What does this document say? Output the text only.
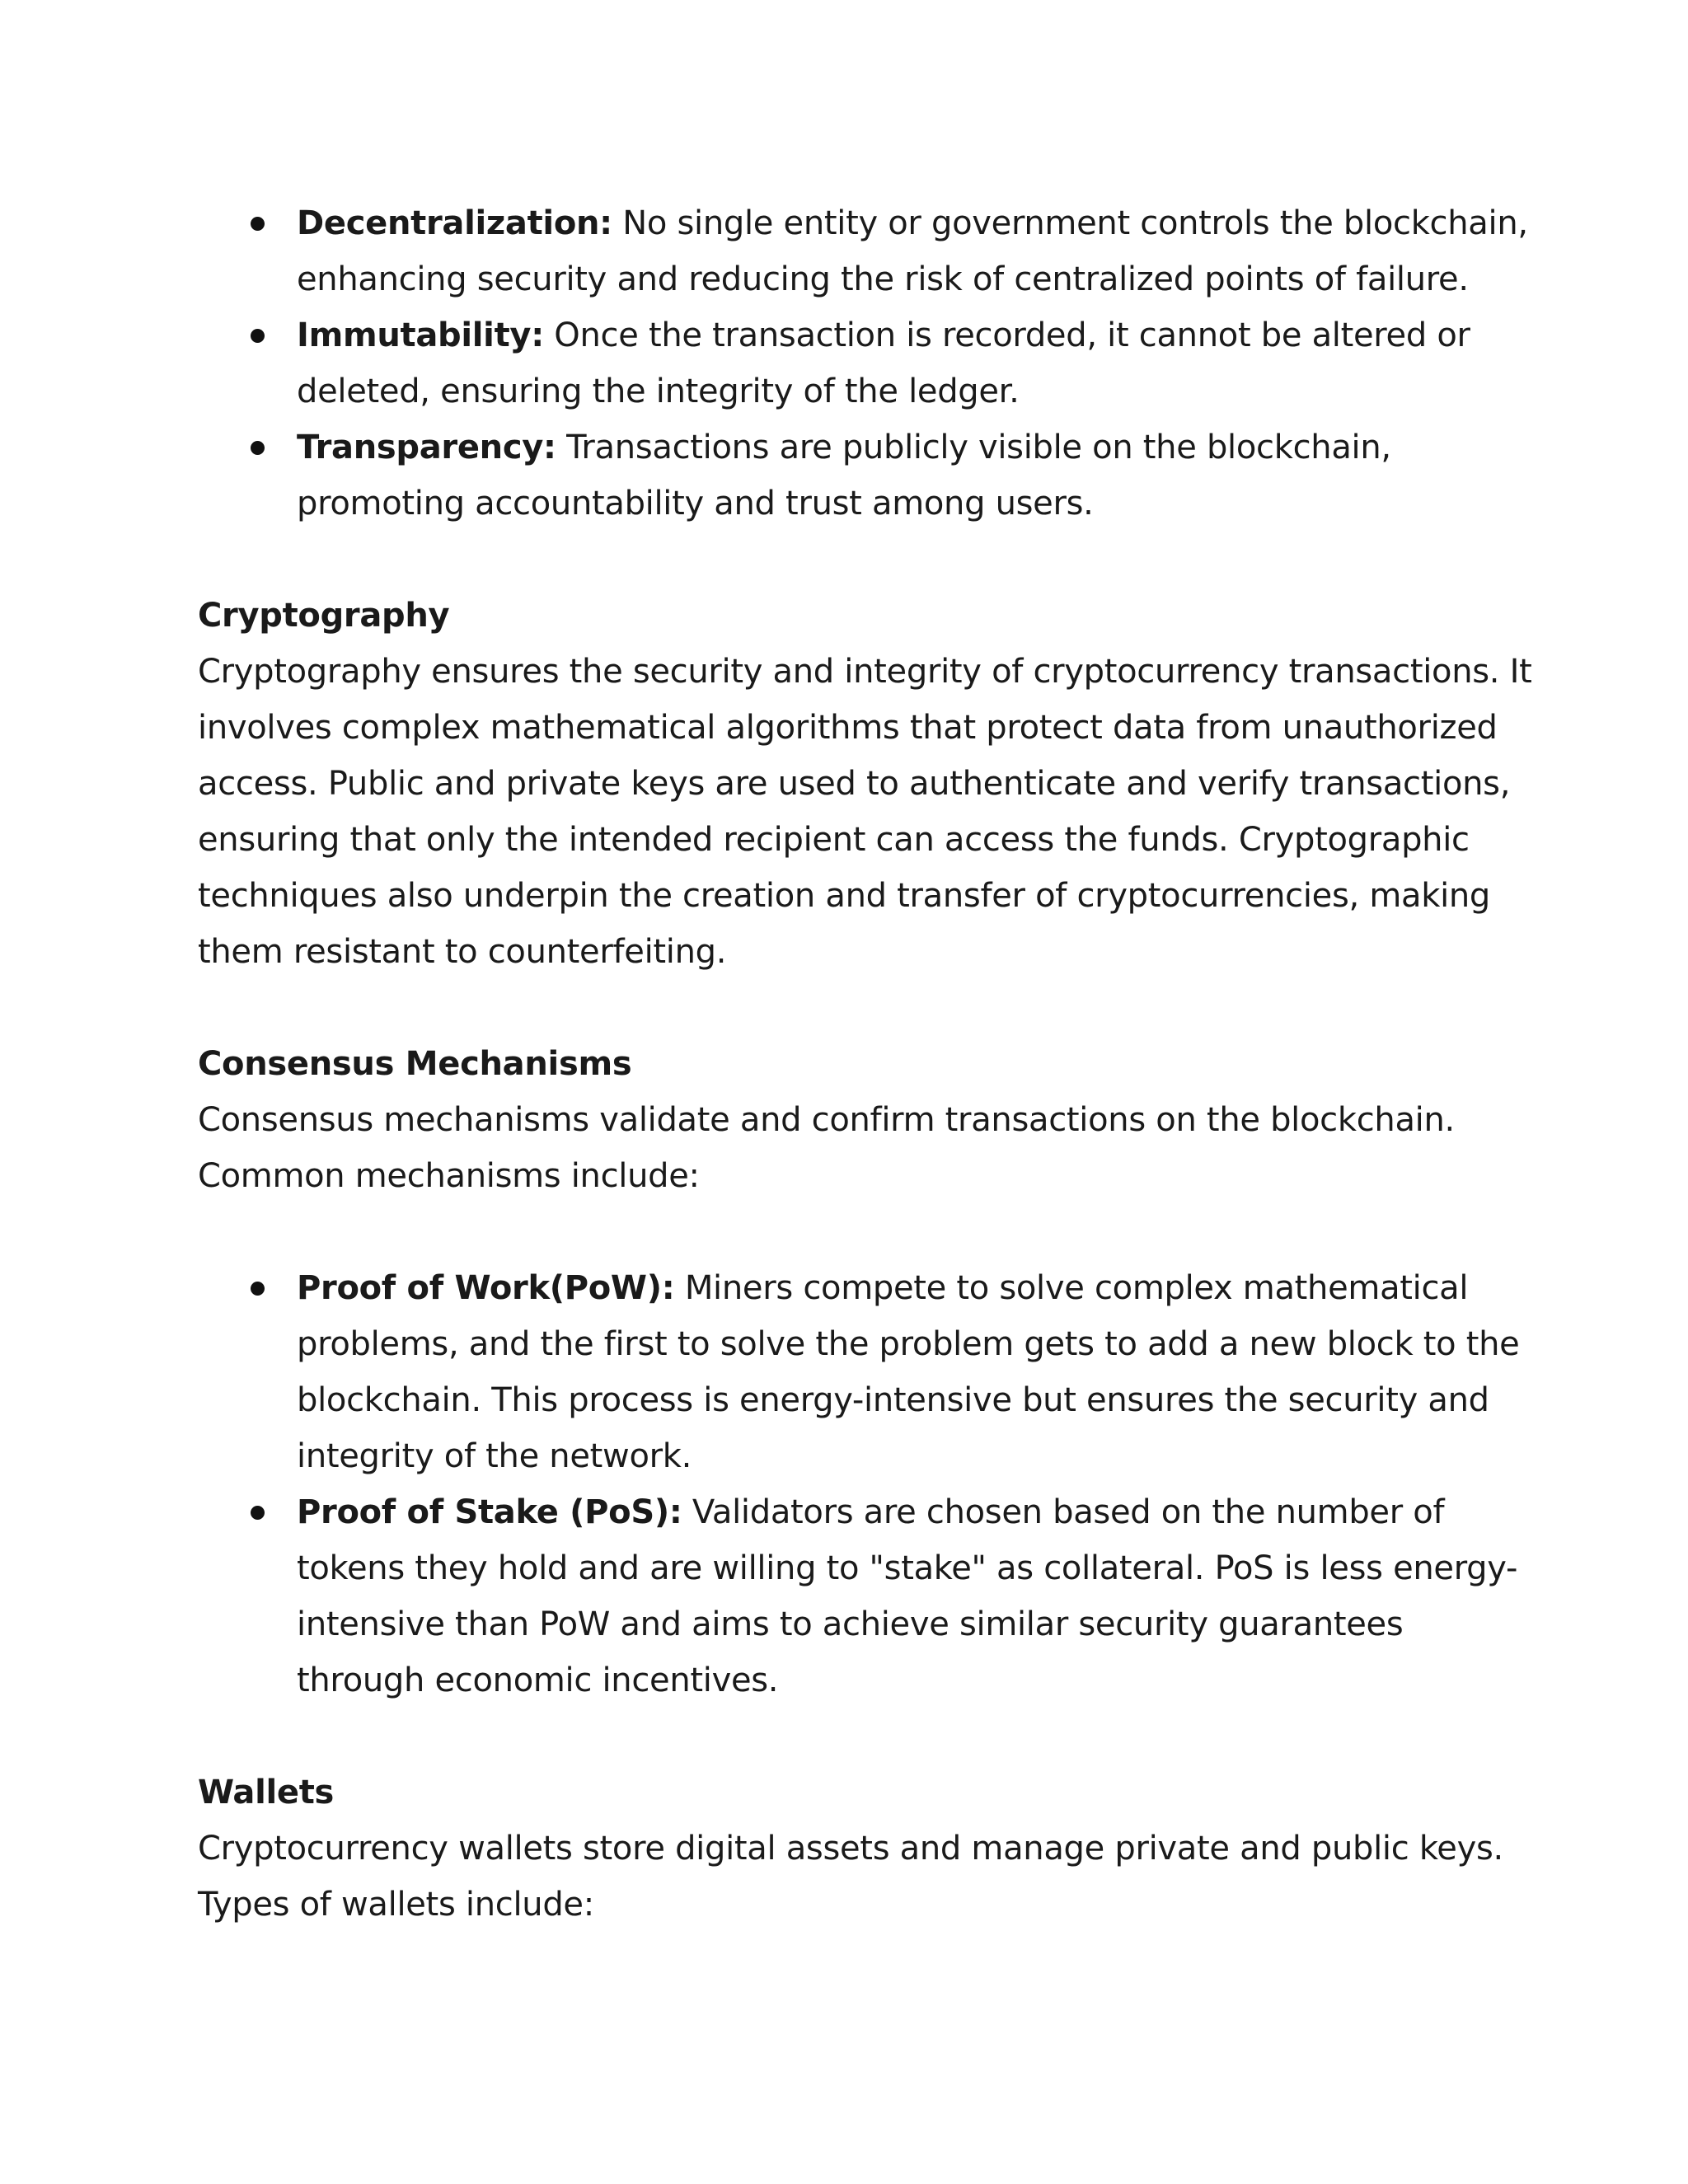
Decentralization: No single entity or government controls the blockchain, enhancing security and reducing the risk of centralized points of failure.
Immutability: Once the transaction is recorded, it cannot be altered or deleted, ensuring the integrity of the ledger.
Transparency: Transactions are publicly visible on the blockchain, promoting accountability and trust among users.
Cryptography
Cryptography ensures the security and integrity of cryptocurrency transactions. It involves complex mathematical algorithms that protect data from unauthorized access. Public and private keys are used to authenticate and verify transactions, ensuring that only the intended recipient can access the funds. Cryptographic techniques also underpin the creation and transfer of cryptocurrencies, making them resistant to counterfeiting.
Consensus Mechanisms
Consensus mechanisms validate and confirm transactions on the blockchain. Common mechanisms include:
Proof of Work(PoW): Miners compete to solve complex mathematical problems, and the first to solve the problem gets to add a new block to the blockchain. This process is energy-intensive but ensures the security and integrity of the network.
Proof of Stake (PoS): Validators are chosen based on the number of tokens they hold and are willing to "stake" as collateral. PoS is less energy-intensive than PoW and aims to achieve similar security guarantees through economic incentives.
Wallets
Cryptocurrency wallets store digital assets and manage private and public keys. Types of wallets include:
